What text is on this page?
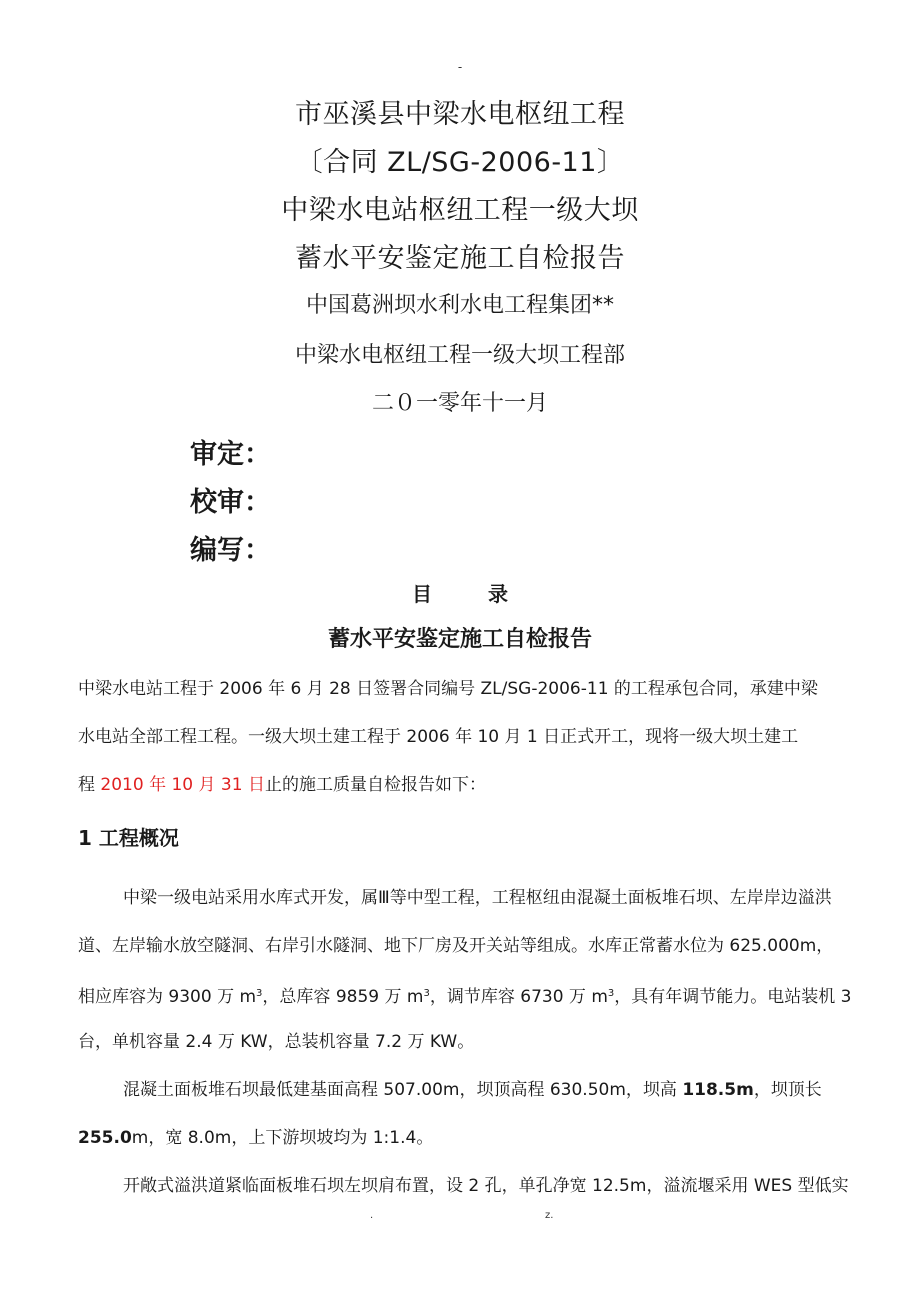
-
市巫溪县中梁水电枢纽工程
〔合同 ZL/SG-2006-11〕
中梁水电站枢纽工程一级大坝
蓄水平安鉴定施工自检报告
中国葛洲坝水利水电工程集团**
中梁水电枢纽工程一级大坝工程部
二０一零年十一月
审定：
校审：
编写：
目	录
蓄水平安鉴定施工自检报告
中梁水电站工程于 2006 年 6 月 28 日签署合同编号 ZL/SG-2006-11 的工程承包合同，承建中梁
水电站全部工程工程。一级大坝土建工程于 2006 年 10 月 1 日正式开工，现将一级大坝土建工
程 2010 年 10 月 31 日止的施工质量自检报告如下：
1 工程概况
中梁一级电站采用水库式开发，属Ⅲ等中型工程，工程枢纽由混凝土面板堆石坝、左岸岸边溢洪
道、左岸输水放空隧洞、右岸引水隧洞、地下厂房及开关站等组成。水库正常蓄水位为 625.000m，
相应库容为 9300 万 $m^3$，总库容 9859 万 $m^3$，调节库容 6730 万 $m^3$，具有年调节能力。电站装机 3
台，单机容量 2.4 万 KW，总装机容量 7.2 万 KW。
混凝土面板堆石坝最低建基面高程 507.00m，坝顶高程 630.50m，坝高 118.5m，坝顶长
255.0m，宽 8.0m，上下游坝坡均为 1:1.4。
开敞式溢洪道紧临面板堆石坝左坝肩布置，设 2 孔，单孔净宽 12.5m，溢流堰采用 WES 型低实
.	z.
